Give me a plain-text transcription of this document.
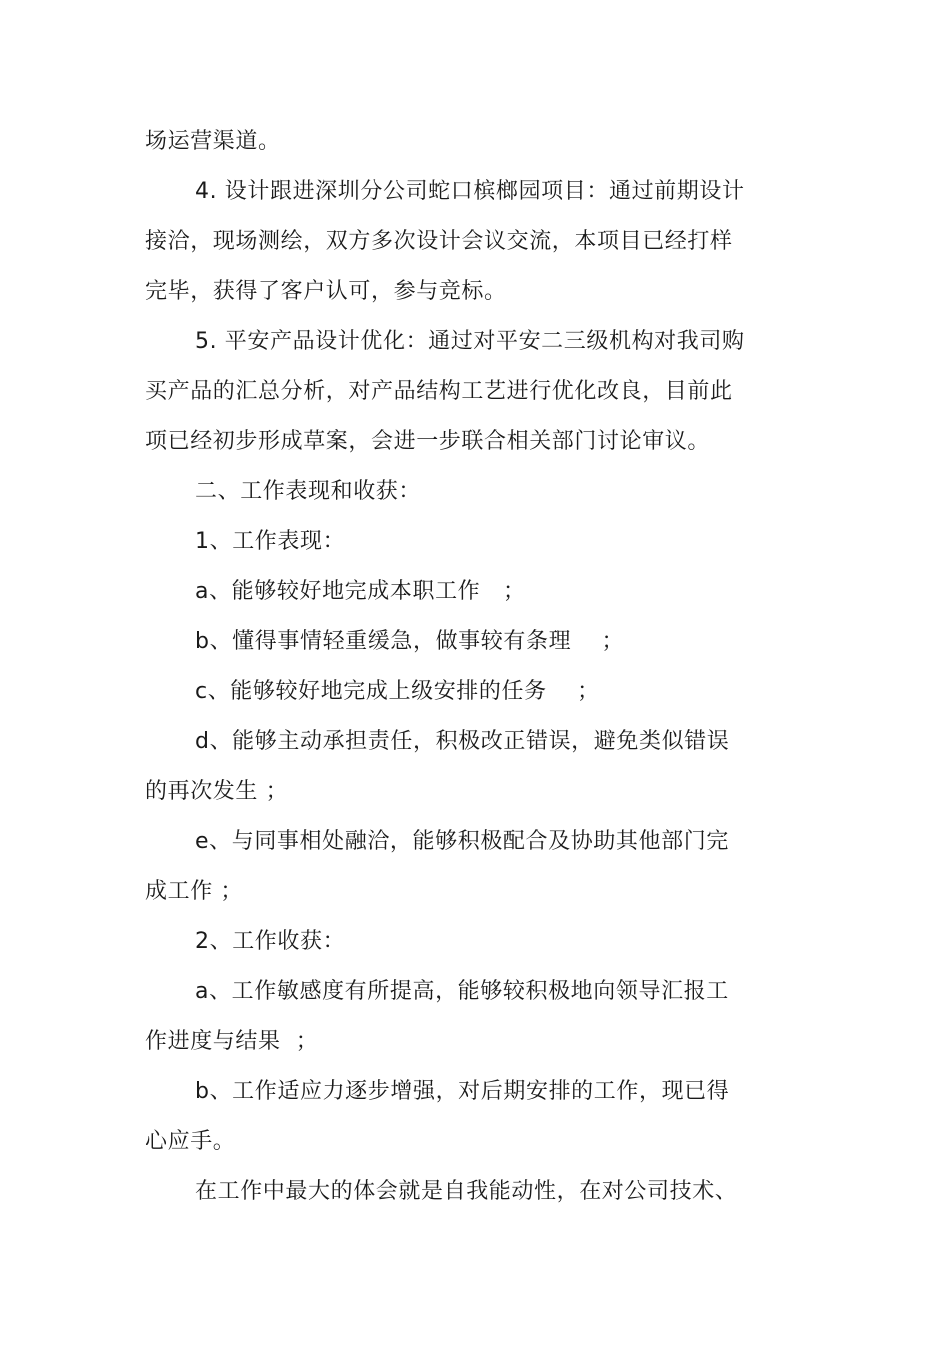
场运营渠道。
4. 设计跟进深圳分公司蛇口槟榔园项目：通过前期设计
接洽，现场测绘，双方多次设计会议交流，本项目已经打样
完毕，获得了客户认可，参与竞标。
5. 平安产品设计优化：通过对平安二三级机构对我司购
买产品的汇总分析，对产品结构工艺进行优化改良，目前此
项已经初步形成草案，会进一步联合相关部门讨论审议。
二、工作表现和收获：
1、工作表现：
a、能够较好地完成本职工作   ；
b、懂得事情轻重缓急，做事较有条理    ；
c、能够较好地完成上级安排的任务    ；
d、能够主动承担责任，积极改正错误，避免类似错误
的再次发生 ；
e、与同事相处融洽，能够积极配合及协助其他部门完
成工作 ；
2、工作收获：
a、工作敏感度有所提高，能够较积极地向领导汇报工
作进度与结果  ；
b、工作适应力逐步增强，对后期安排的工作，现已得
心应手。
在工作中最大的体会就是自我能动性，在对公司技术、
